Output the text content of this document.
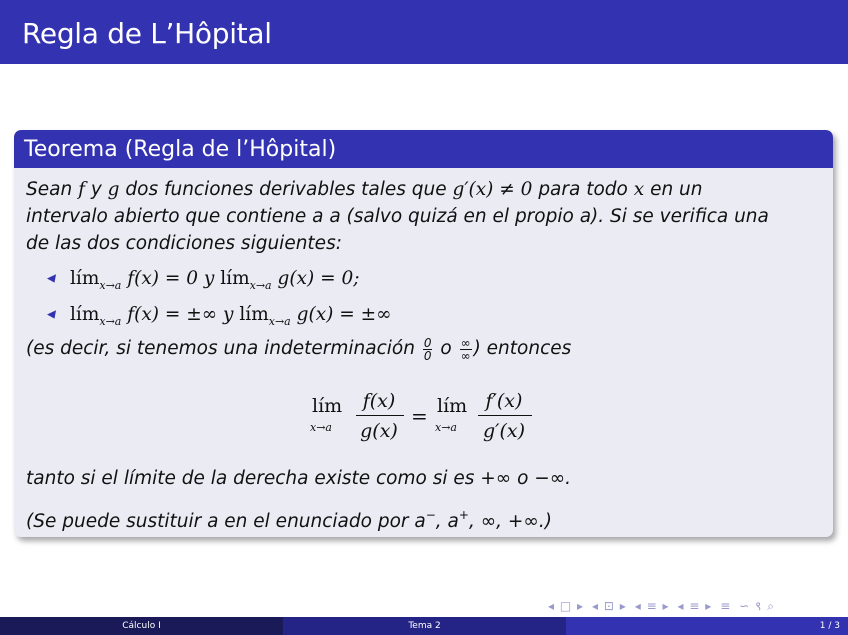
Regla de L’Hôpital
Teorema (Regla de l’Hôpital)
Sean f y g dos funciones derivables tales que g′(x) ≠ 0 para todo x en un
intervalo abierto que contiene a a (salvo quizá en el propio a). Si se verifica una
de las dos condiciones siguientes:
lím$_{x\to a}$ f(x) = 0 y lím$_{x\to a}$ g(x) = 0;
lím$_{x\to a}$ f(x) = ±∞ y lím$_{x\to a}$ g(x) = ±∞
(es decir, si tenemos una indeterminación $\frac{0}{0}$ o $\frac{\infty}{\infty}$ ) entonces
lím
x→a
f(x)
g(x)
= lím
x→a
f′(x)
g′(x)
tanto si el límite de la derecha existe como si es +∞ o −∞.
(Se puede sustituir a en el enunciado por a−, a+, ∞, +∞.)
◂ □ ▸ ◂ ⊡ ▸ ◂ ≡ ▸ ◂ ≡ ▸ ≡ ∽ ९ ⌕
Cálculo I	Tema 2	1 / 3
